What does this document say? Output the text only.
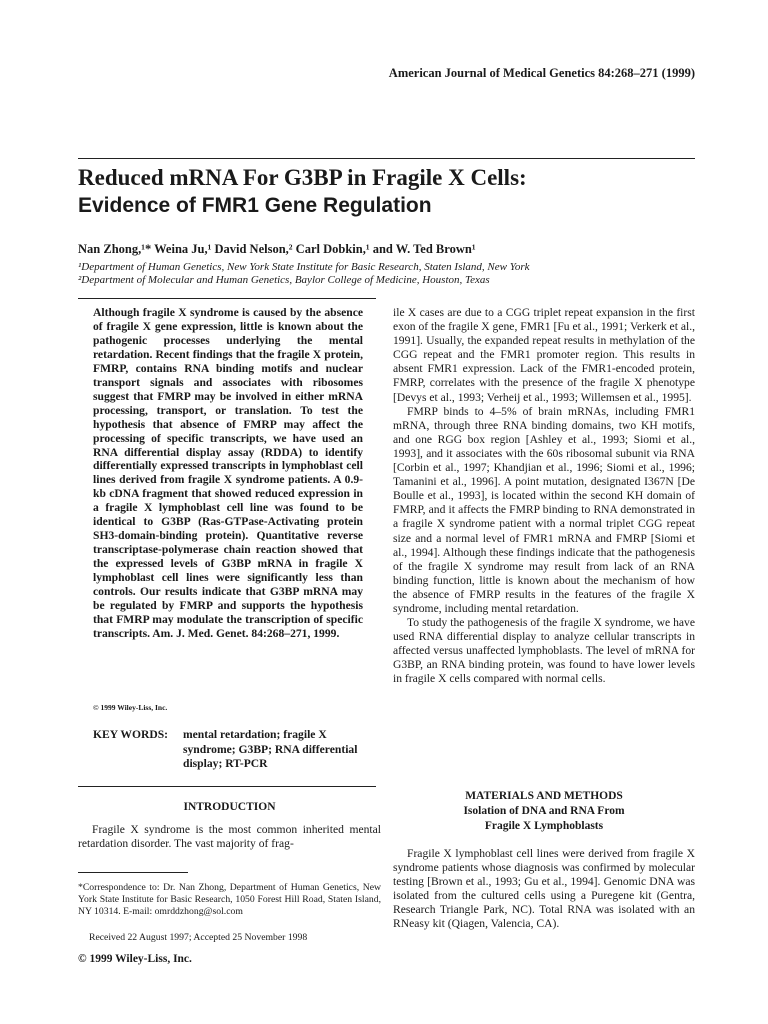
American Journal of Medical Genetics 84:268–271 (1999)

Reduced mRNA For G3BP in Fragile X Cells:
Evidence of FMR1 Gene Regulation

Nan Zhong,¹* Weina Ju,¹ David Nelson,² Carl Dobkin,¹ and W. Ted Brown¹

¹Department of Human Genetics, New York State Institute for Basic Research, Staten Island, New York

²Department of Molecular and Human Genetics, Baylor College of Medicine, Houston, Texas

Although fragile X syndrome is caused by the absence of fragile X gene expression, little is known about the pathogenic processes underlying the mental retardation. Recent findings that the fragile X protein, FMRP, contains RNA binding motifs and nuclear transport signals and associates with ribosomes suggest that FMRP may be involved in either mRNA processing, transport, or translation. To test the hypothesis that absence of FMRP may affect the processing of specific transcripts, we have used an RNA differential display assay (RDDA) to identify differentially expressed transcripts in lymphoblast cell lines derived from fragile X syndrome patients. A 0.9-kb cDNA fragment that showed reduced expression in a fragile X lymphoblast cell line was found to be identical to G3BP (Ras-GTPase-Activating protein SH3-domain-binding protein). Quantitative reverse transcriptase-polymerase chain reaction showed that the expressed levels of G3BP mRNA in fragile X lymphoblast cell lines were significantly less than controls. Our results indicate that G3BP mRNA may be regulated by FMRP and supports the hypothesis that FMRP may modulate the transcription of specific transcripts. Am. J. Med. Genet. 84:268–271, 1999.

© 1999 Wiley-Liss, Inc.

KEY WORDS: mental retardation; fragile X syndrome; G3BP; RNA differential display; RT-PCR

INTRODUCTION

Fragile X syndrome is the most common inherited mental retardation disorder. The vast majority of frag-

*Correspondence to: Dr. Nan Zhong, Department of Human Genetics, New York State Institute for Basic Research, 1050 Forest Hill Road, Staten Island, NY 10314. E-mail: omrddzhong@sol.com

Received 22 August 1997; Accepted 25 November 1998

© 1999 Wiley-Liss, Inc.

ile X cases are due to a CGG triplet repeat expansion in the first exon of the fragile X gene, FMR1 [Fu et al., 1991; Verkerk et al., 1991]. Usually, the expanded repeat results in methylation of the CGG repeat and the FMR1 promoter region. This results in absent FMR1 expression. Lack of the FMR1-encoded protein, FMRP, correlates with the presence of the fragile X phenotype [Devys et al., 1993; Verheij et al., 1993; Willemsen et al., 1995].
FMRP binds to 4–5% of brain mRNAs, including FMR1 mRNA, through three RNA binding domains, two KH motifs, and one RGG box region [Ashley et al., 1993; Siomi et al., 1993], and it associates with the 60s ribosomal subunit via RNA [Corbin et al., 1997; Khandjian et al., 1996; Siomi et al., 1996; Tamanini et al., 1996]. A point mutation, designated I367N [De Boulle et al., 1993], is located within the second KH domain of FMRP, and it affects the FMRP binding to RNA demonstrated in a fragile X syndrome patient with a normal triplet CGG repeat size and a normal level of FMR1 mRNA and FMRP [Siomi et al., 1994]. Although these findings indicate that the pathogenesis of the fragile X syndrome may result from lack of an RNA binding function, little is known about the mechanism of how the absence of FMRP results in the features of the fragile X syndrome, including mental retardation.
To study the pathogenesis of the fragile X syndrome, we have used RNA differential display to analyze cellular transcripts in affected versus unaffected lymphoblasts. The level of mRNA for G3BP, an RNA binding protein, was found to have lower levels in fragile X cells compared with normal cells.
MATERIALS AND METHODS
Isolation of DNA and RNA From
Fragile X Lymphoblasts

Fragile X lymphoblast cell lines were derived from fragile X syndrome patients whose diagnosis was confirmed by molecular testing [Brown et al., 1993; Gu et al., 1994]. Genomic DNA was isolated from the cultured cells using a Puregene kit (Gentra, Research Triangle Park, NC). Total RNA was isolated with an RNeasy kit (Qiagen, Valencia, CA).
